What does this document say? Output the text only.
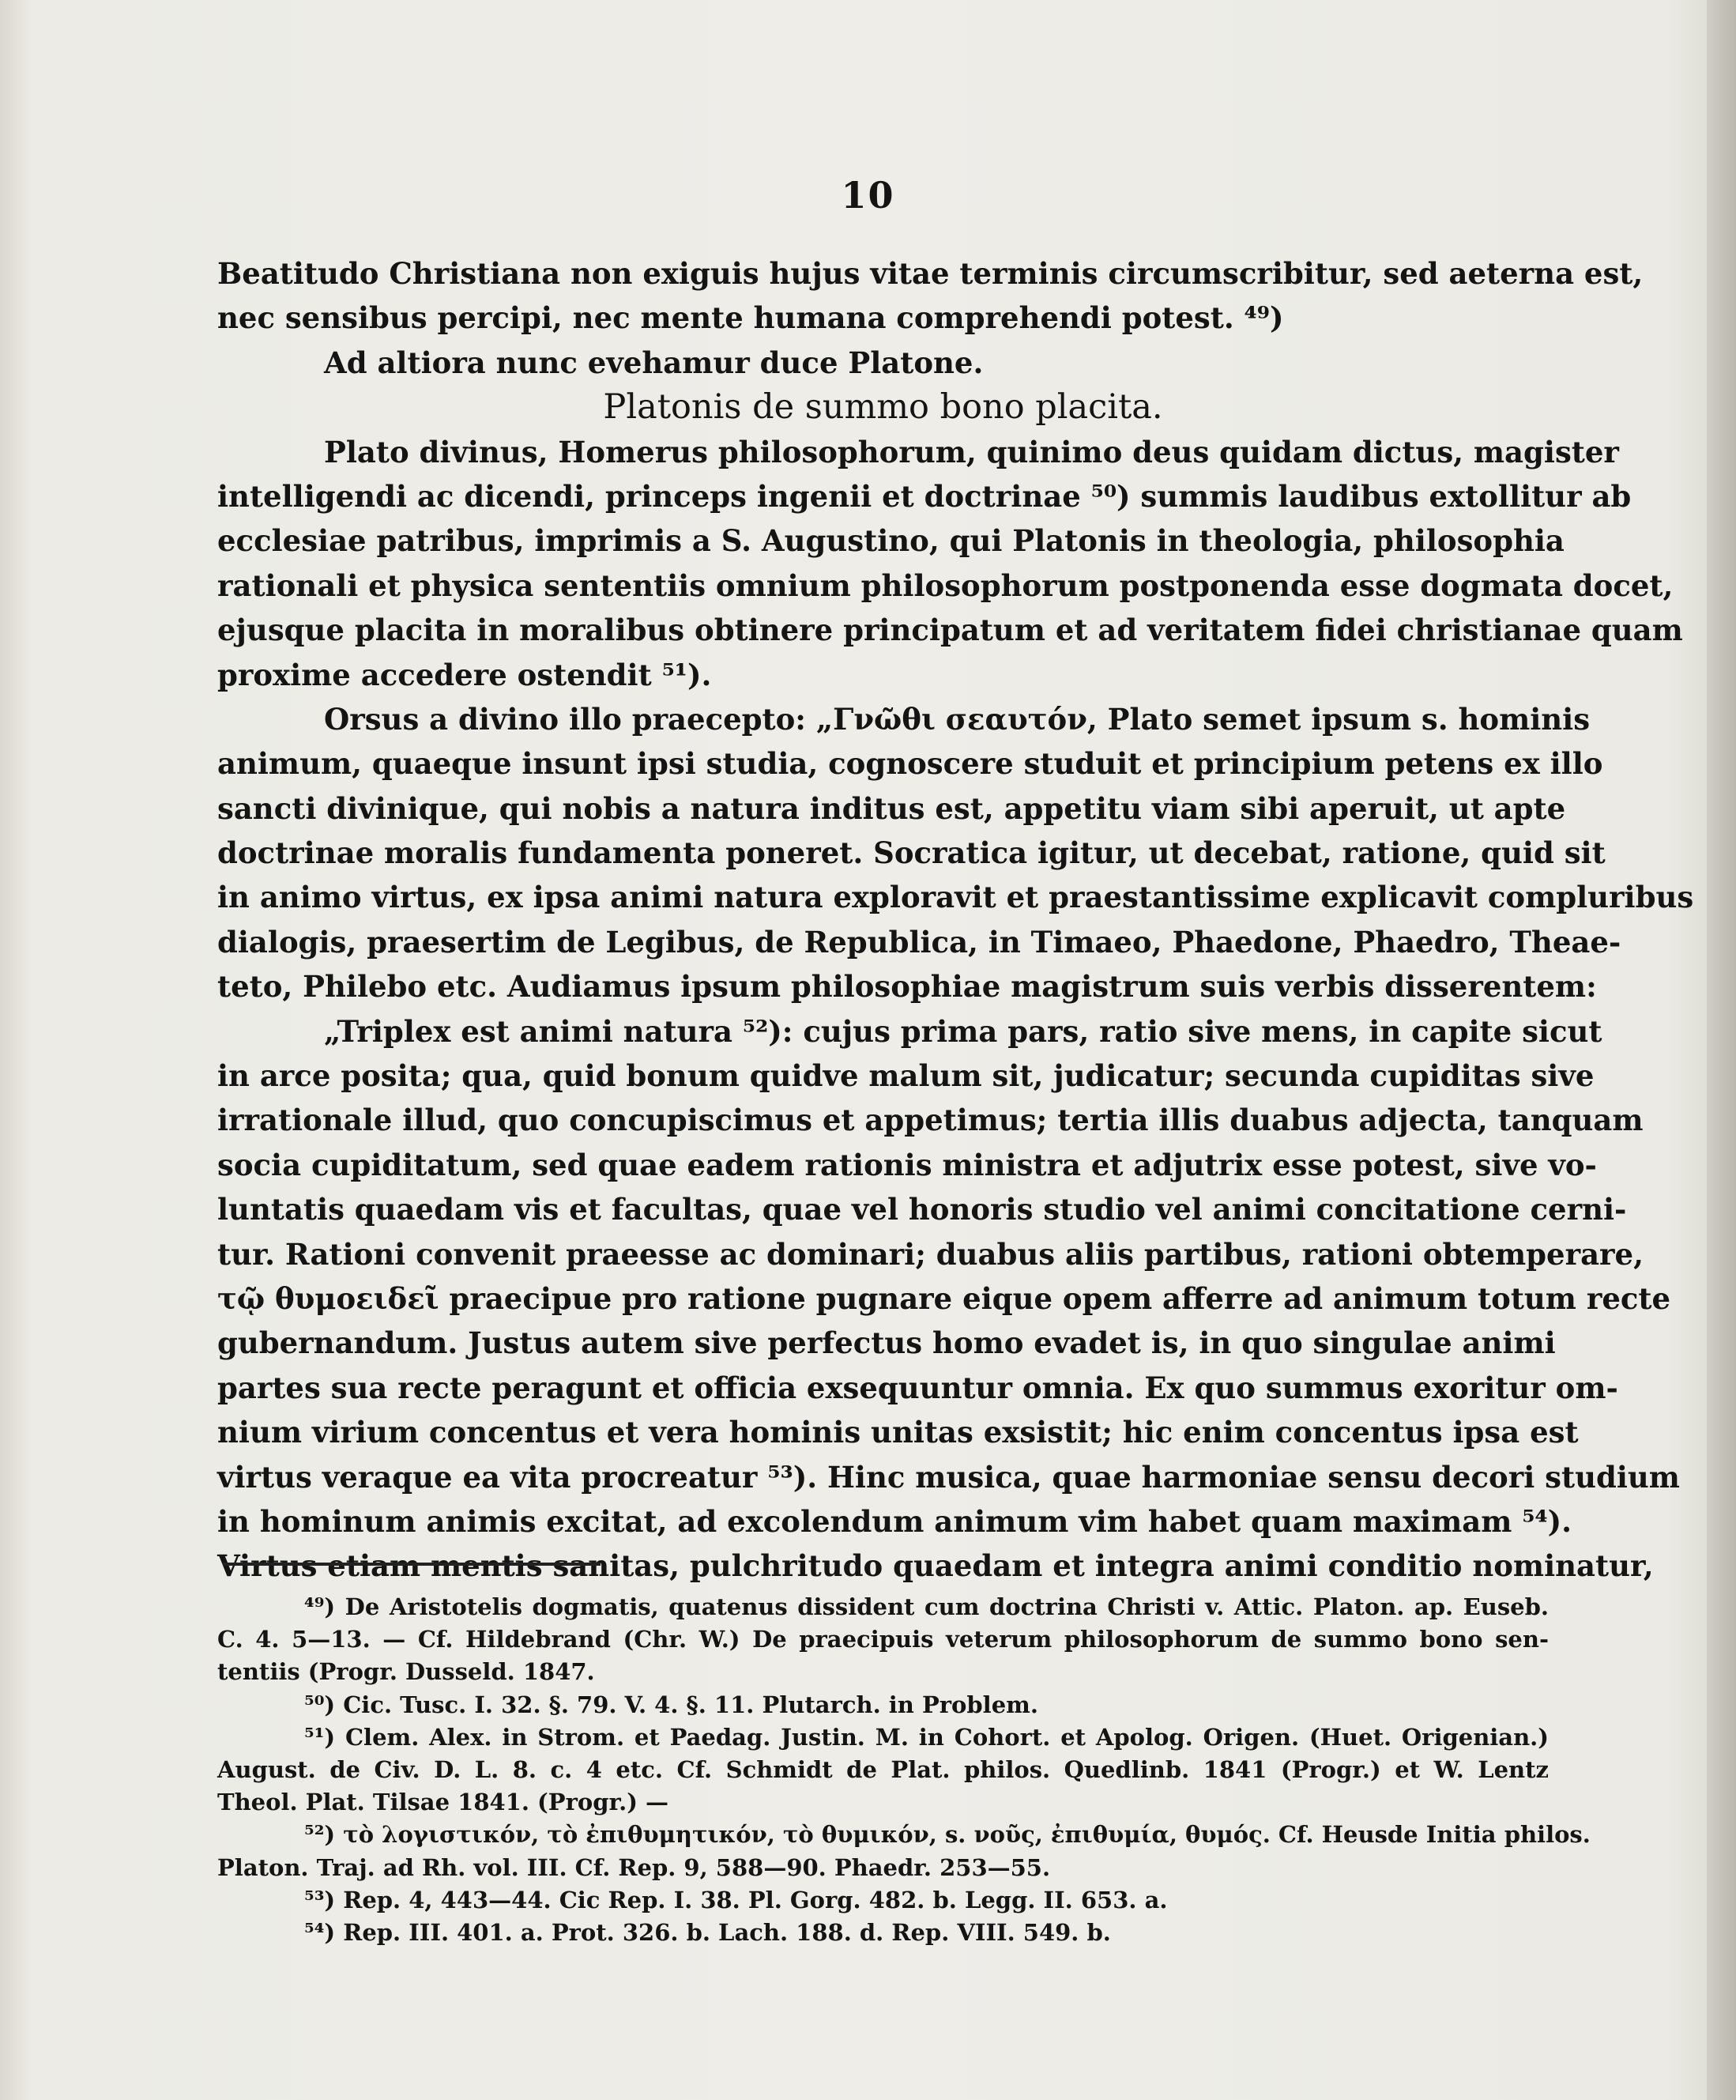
10
Beatitudo Christiana non exiguis hujus vitae terminis circumscribitur, sed aeterna est,
nec sensibus percipi, nec mente humana comprehendi potest. ⁴⁹)
Ad altiora nunc evehamur duce Platone.
Platonis de summo bono placita.
Plato divinus, Homerus philosophorum, quinimo deus quidam dictus, magister
intelligendi ac dicendi, princeps ingenii et doctrinae ⁵⁰) summis laudibus extollitur ab
ecclesiae patribus, imprimis a S. Augustino, qui Platonis in theologia, philosophia
rationali et physica sententiis omnium philosophorum postponenda esse dogmata docet,
ejusque placita in moralibus obtinere principatum et ad veritatem fidei christianae quam
proxime accedere ostendit ⁵¹).
Orsus a divino illo praecepto: „Γνῶθι σεαυτόν, Plato semet ipsum s. hominis
animum, quaeque insunt ipsi studia, cognoscere studuit et principium petens ex illo
sancti divinique, qui nobis a natura inditus est, appetitu viam sibi aperuit, ut apte
doctrinae moralis fundamenta poneret. Socratica igitur, ut decebat, ratione, quid sit
in animo virtus, ex ipsa animi natura exploravit et praestantissime explicavit compluribus
dialogis, praesertim de Legibus, de Republica, in Timaeo, Phaedone, Phaedro, Theae-
teto, Philebo etc. Audiamus ipsum philosophiae magistrum suis verbis disserentem:
„Triplex est animi natura ⁵²): cujus prima pars, ratio sive mens, in capite sicut
in arce posita; qua, quid bonum quidve malum sit, judicatur; secunda cupiditas sive
irrationale illud, quo concupiscimus et appetimus; tertia illis duabus adjecta, tanquam
socia cupiditatum, sed quae eadem rationis ministra et adjutrix esse potest, sive vo-
luntatis quaedam vis et facultas, quae vel honoris studio vel animi concitatione cerni-
tur. Rationi convenit praeesse ac dominari; duabus aliis partibus, rationi obtemperare,
τῷ θυμοειδεῖ praecipue pro ratione pugnare eique opem afferre ad animum totum recte
gubernandum. Justus autem sive perfectus homo evadet is, in quo singulae animi
partes sua recte peragunt et officia exsequuntur omnia. Ex quo summus exoritur om-
nium virium concentus et vera hominis unitas exsistit; hic enim concentus ipsa est
virtus veraque ea vita procreatur ⁵³). Hinc musica, quae harmoniae sensu decori studium
in hominum animis excitat, ad excolendum animum vim habet quam maximam ⁵⁴).
Virtus etiam mentis sanitas, pulchritudo quaedam et integra animi conditio nominatur,
⁴⁹) De Aristotelis dogmatis, quatenus dissident cum doctrina Christi v. Attic. Platon. ap. Euseb.
C. 4. 5—13. — Cf. Hildebrand (Chr. W.) De praecipuis veterum philosophorum de summo bono sen-
tentiis (Progr. Dusseld. 1847.
⁵⁰) Cic. Tusc. I. 32. §. 79. V. 4. §. 11. Plutarch. in Problem.
⁵¹) Clem. Alex. in Strom. et Paedag. Justin. M. in Cohort. et Apolog. Origen. (Huet. Origenian.)
August. de Civ. D. L. 8. c. 4 etc. Cf. Schmidt de Plat. philos. Quedlinb. 1841 (Progr.) et W. Lentz
Theol. Plat. Tilsae 1841. (Progr.) —
⁵²) τὸ λογιστικόν, τὸ ἐπιθυμητικόν, τὸ θυμικόν, s. νοῦς, ἐπιθυμία, θυμός. Cf. Heusde Initia philos.
Platon. Traj. ad Rh. vol. III. Cf. Rep. 9, 588—90. Phaedr. 253—55.
⁵³) Rep. 4, 443—44. Cic Rep. I. 38. Pl. Gorg. 482. b. Legg. II. 653. a.
⁵⁴) Rep. III. 401. a. Prot. 326. b. Lach. 188. d. Rep. VIII. 549. b.
